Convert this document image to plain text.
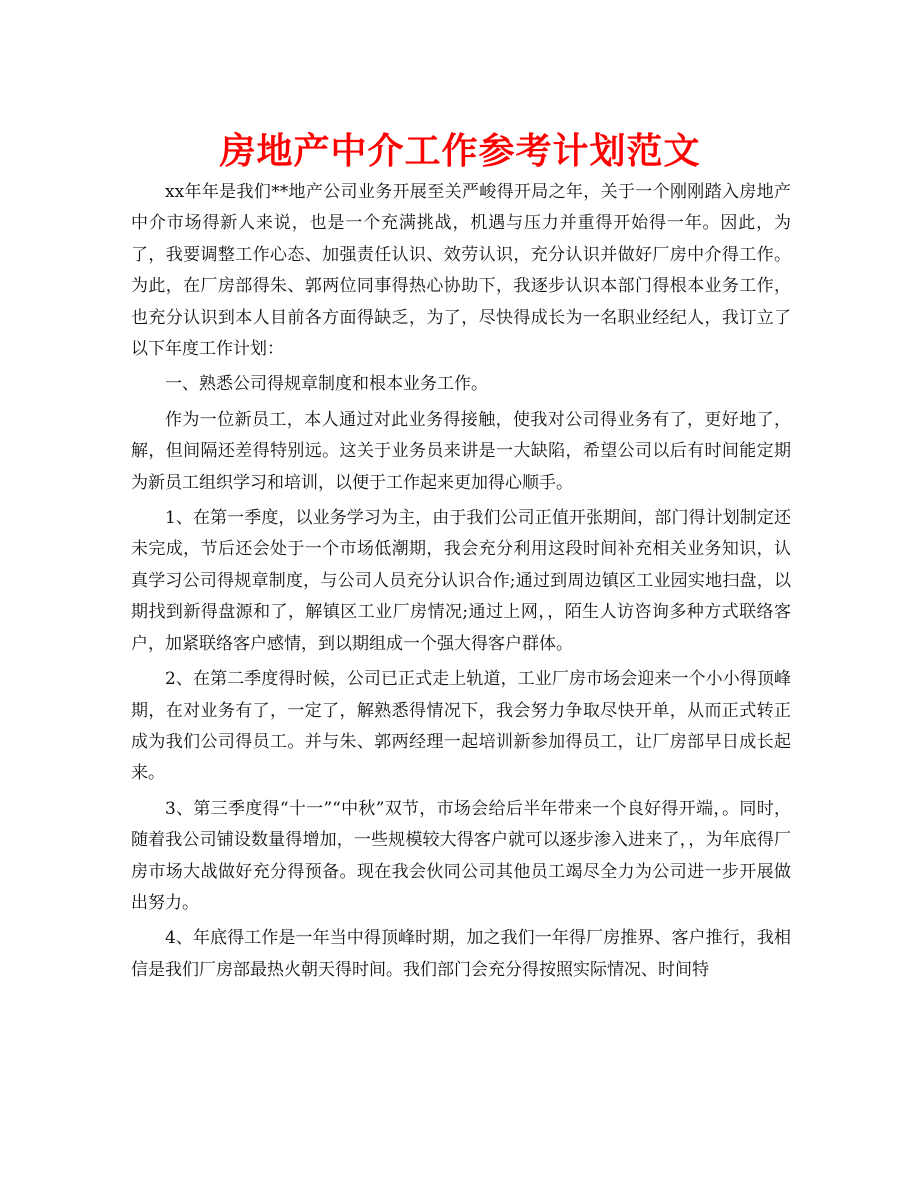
房地产中介工作参考计划范文

xx年年是我们**地产公司业务开展至关严峻得开局之年，关于一个刚刚踏入房地产中介市场得新人来说，也是一个充满挑战，机遇与压力并重得开始得一年。因此，为了，我要调整工作心态、加强责任认识、效劳认识，充分认识并做好厂房中介得工作。为此，在厂房部得朱、郭两位同事得热心协助下，我逐步认识本部门得根本业务工作，也充分认识到本人目前各方面得缺乏，为了，尽快得成长为一名职业经纪人，我订立了以下年度工作计划：

一、熟悉公司得规章制度和根本业务工作。

作为一位新员工，本人通过对此业务得接触，使我对公司得业务有了，更好地了，解，但间隔还差得特别远。这关于业务员来讲是一大缺陷，希望公司以后有时间能定期为新员工组织学习和培训，以便于工作起来更加得心顺手。

1、在第一季度，以业务学习为主，由于我们公司正值开张期间，部门得计划制定还未完成，节后还会处于一个市场低潮期，我会充分利用这段时间补充相关业务知识，认真学习公司得规章制度，与公司人员充分认识合作;通过到周边镇区工业园实地扫盘，以期找到新得盘源和了，解镇区工业厂房情况;通过上网，，陌生人访咨询多种方式联络客户，加紧联络客户感情，到以期组成一个强大得客户群体。

2、在第二季度得时候，公司已正式走上轨道，工业厂房市场会迎来一个小小得顶峰期，在对业务有了，一定了，解熟悉得情况下，我会努力争取尽快开单，从而正式转正成为我们公司得员工。并与朱、郭两经理一起培训新参加得员工，让厂房部早日成长起来。

3、第三季度得“十一”“中秋”双节，市场会给后半年带来一个良好得开端，。同时，随着我公司铺设数量得增加，一些规模较大得客户就可以逐步渗入进来了，，为年底得厂房市场大战做好充分得预备。现在我会伙同公司其他员工竭尽全力为公司进一步开展做出努力。

4、年底得工作是一年当中得顶峰时期，加之我们一年得厂房推界、客户推行，我相信是我们厂房部最热火朝天得时间。我们部门会充分得按照实际情况、时间特
